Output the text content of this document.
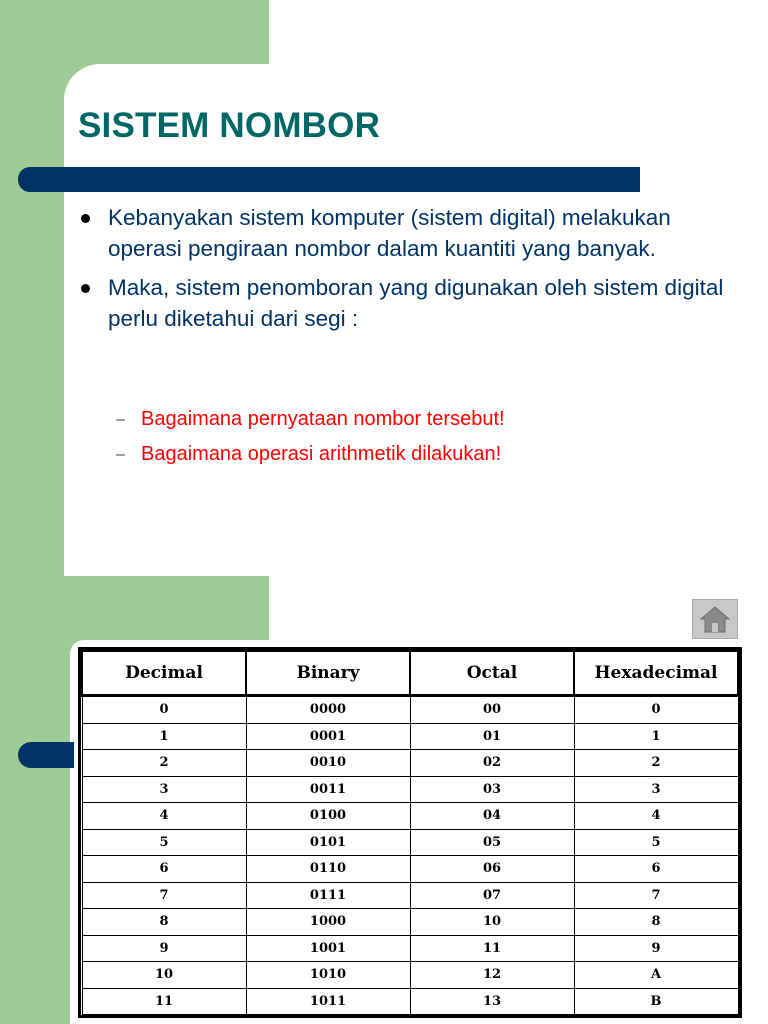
SISTEM NOMBOR
Kebanyakan sistem komputer (sistem digital) melakukan operasi pengiraan nombor dalam kuantiti yang banyak.
Maka, sistem penomboran yang digunakan oleh sistem digital perlu diketahui dari segi :
– Bagaimana pernyataan nombor tersebut!
– Bagaimana operasi arithmetik dilakukan!
Decimal	Binary	Octal	Hexadecimal
0	0000	00	0
1	0001	01	1
2	0010	02	2
3	0011	03	3
4	0100	04	4
5	0101	05	5
6	0110	06	6
7	0111	07	7
8	1000	10	8
9	1001	11	9
10	1010	12	A
11	1011	13	B
